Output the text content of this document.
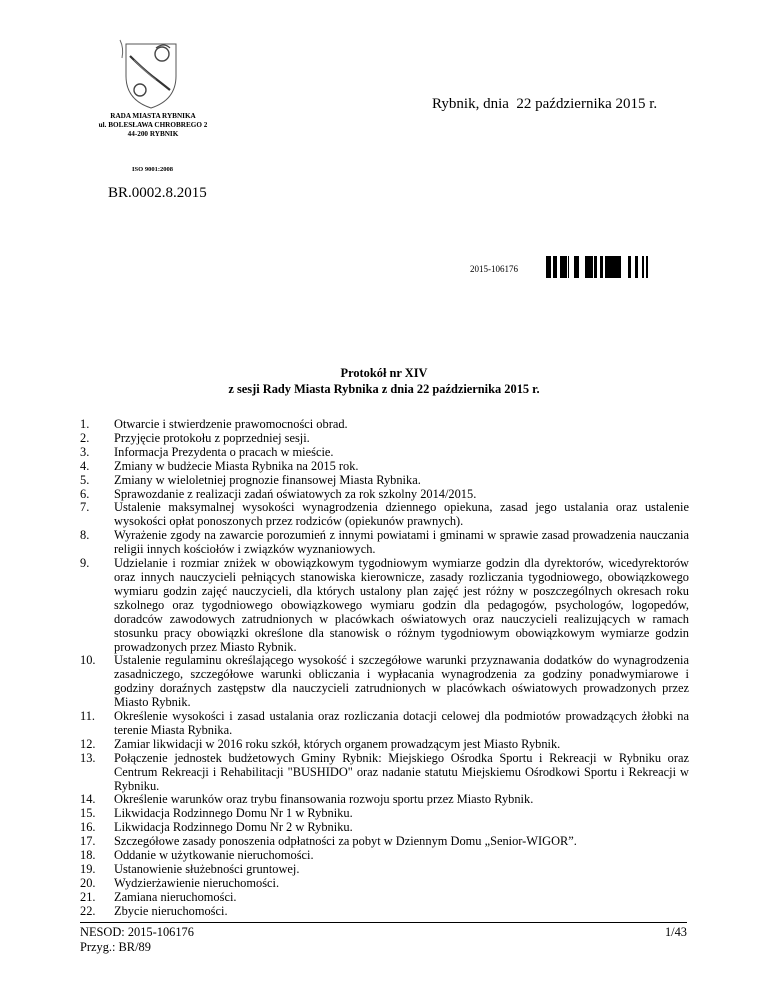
RADA MIASTA RYBNIKA
ul. BOLESŁAWA CHROBREGO 2
44-200 RYBNIK
ISO 9001:2008
Rybnik, dnia  22 października 2015 r.
BR.0002.8.2015
2015-106176
Protokół nr XIV
z sesji Rady Miasta Rybnika z dnia 22 października 2015 r.
1.	Otwarcie i stwierdzenie prawomocności obrad.
2.	Przyjęcie protokołu z poprzedniej sesji.
3.	Informacja Prezydenta o pracach w mieście.
4.	Zmiany w budżecie Miasta Rybnika na 2015 rok.
5.	Zmiany w wieloletniej prognozie finansowej Miasta Rybnika.
6.	Sprawozdanie z realizacji zadań oświatowych za rok szkolny 2014/2015.
7.	Ustalenie maksymalnej wysokości wynagrodzenia dziennego opiekuna, zasad jego ustalania oraz ustalenie wysokości opłat ponoszonych przez rodziców (opiekunów prawnych).
8.	Wyrażenie zgody na zawarcie porozumień z innymi powiatami i gminami w sprawie zasad prowadzenia nauczania religii innych kościołów i związków wyznaniowych.
9.	Udzielanie i rozmiar zniżek w obowiązkowym tygodniowym wymiarze godzin dla dyrektorów, wicedyrektorów oraz innych nauczycieli pełniących stanowiska kierownicze, zasady rozliczania tygodniowego, obowiązkowego wymiaru godzin zajęć nauczycieli, dla których ustalony plan zajęć jest różny w poszczególnych okresach roku szkolnego oraz tygodniowego obowiązkowego wymiaru godzin dla pedagogów, psychologów, logopedów, doradców zawodowych zatrudnionych w placówkach oświatowych oraz nauczycieli realizujących w ramach stosunku pracy obowiązki określone dla stanowisk o różnym tygodniowym obowiązkowym wymiarze godzin prowadzonych przez Miasto Rybnik.
10.	Ustalenie regulaminu określającego wysokość i szczegółowe warunki przyznawania dodatków do wynagrodzenia zasadniczego, szczegółowe warunki obliczania i wypłacania wynagrodzenia za godziny ponadwymiarowe i godziny doraźnych zastępstw dla nauczycieli zatrudnionych w placówkach oświatowych prowadzonych przez Miasto Rybnik.
11.	Określenie wysokości i zasad ustalania oraz rozliczania dotacji celowej dla podmiotów prowadzących żłobki na terenie Miasta Rybnika.
12.	Zamiar likwidacji w 2016 roku szkół, których organem prowadzącym jest Miasto Rybnik.
13.	Połączenie jednostek budżetowych Gminy Rybnik: Miejskiego Ośrodka Sportu i Rekreacji w Rybniku oraz Centrum Rekreacji i Rehabilitacji "BUSHIDO" oraz nadanie statutu Miejskiemu Ośrodkowi Sportu i Rekreacji w Rybniku.
14.	Określenie warunków oraz trybu finansowania rozwoju sportu przez Miasto Rybnik.
15.	Likwidacja Rodzinnego Domu Nr 1 w Rybniku.
16.	Likwidacja Rodzinnego Domu Nr 2 w Rybniku.
17.	Szczegółowe zasady ponoszenia odpłatności za pobyt w Dziennym Domu „Senior-WIGOR”.
18.	Oddanie w użytkowanie nieruchomości.
19.	Ustanowienie służebności gruntowej.
20.	Wydzierżawienie nieruchomości.
21.	Zamiana nieruchomości.
22.	Zbycie nieruchomości.
NESOD: 2015-106176
Przyg.: BR/89
1/43
